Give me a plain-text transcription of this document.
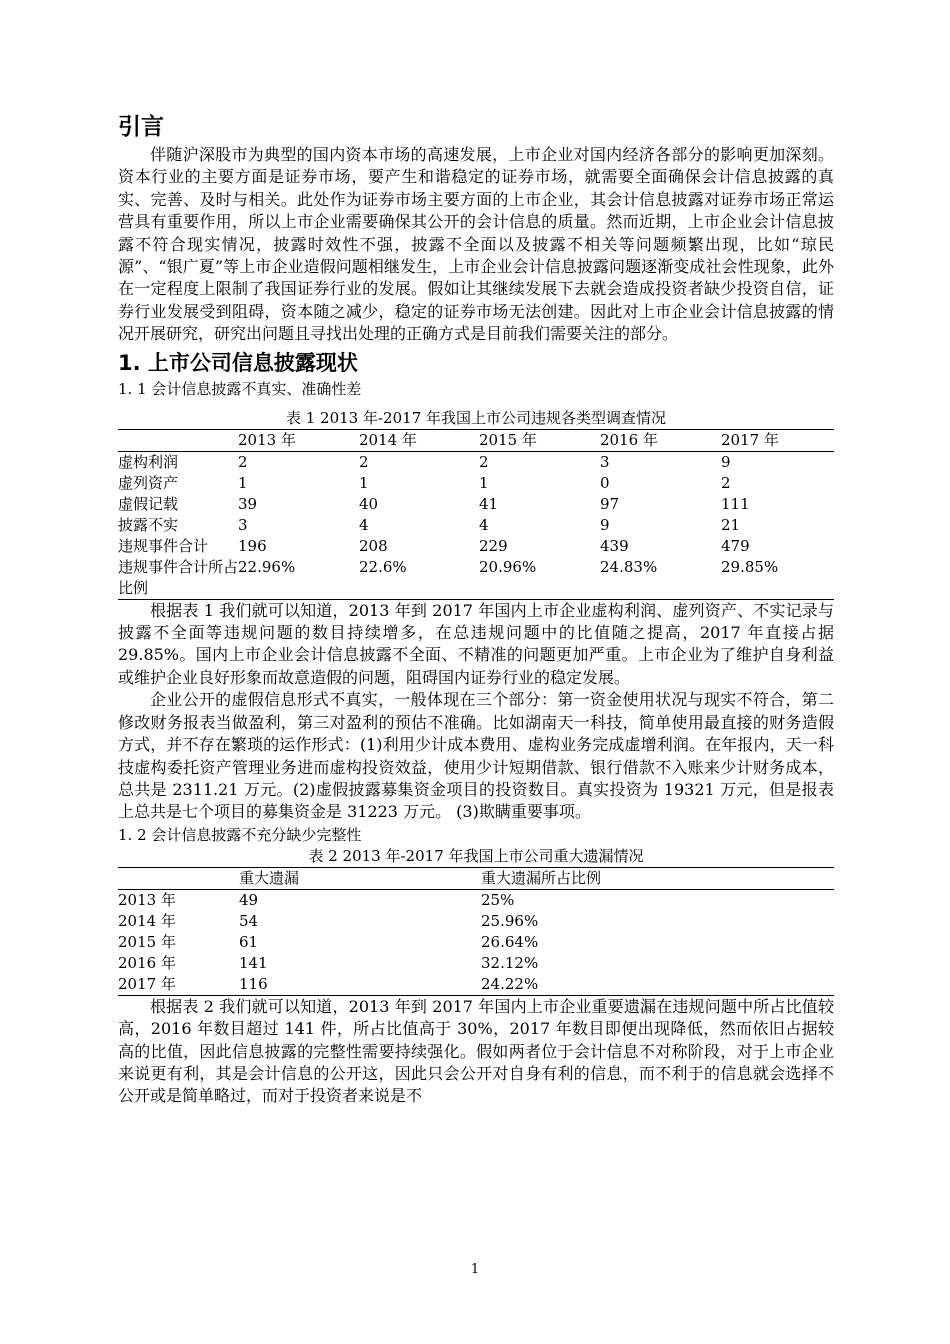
引言

伴随沪深股市为典型的国内资本市场的高速发展，上市企业对国内经济各部分的影响更加深刻。资本行业的主要方面是证券市场，要产生和谐稳定的证券市场，就需要全面确保会计信息披露的真实、完善、及时与相关。此处作为证券市场主要方面的上市企业，其会计信息披露对证券市场正常运营具有重要作用，所以上市企业需要确保其公开的会计信息的质量。然而近期，上市企业会计信息披露不符合现实情况，披露时效性不强，披露不全面以及披露不相关等问题频繁出现，比如“琼民源”、“银广夏”等上市企业造假问题相继发生，上市企业会计信息披露问题逐渐变成社会性现象，此外在一定程度上限制了我国证券行业的发展。假如让其继续发展下去就会造成投资者缺少投资自信，证券行业发展受到阻碍，资本随之减少，稳定的证券市场无法创建。因此对上市企业会计信息披露的情况开展研究，研究出问题且寻找出处理的正确方式是目前我们需要关注的部分。

1. 上市公司信息披露现状

1. 1 会计信息披露不真实、准确性差

表 1 2013 年-2017 年我国上市公司违规各类型调查情况
	2013 年	2014 年	2015 年	2016 年	2017 年
虚构利润	2	2	2	3	9
虚列资产	1	1	1	0	2
虚假记载	39	40	41	97	111
披露不实	3	4	4	9	21
违规事件合计	196	208	229	439	479
违规事件合计所占比例	22.96%	22.6%	20.96%	24.83%	29.85%

根据表 1 我们就可以知道，2013 年到 2017 年国内上市企业虚构利润、虚列资产、不实记录与披露不全面等违规问题的数目持续增多，在总违规问题中的比值随之提高，2017 年直接占据 29.85%。国内上市企业会计信息披露不全面、不精准的问题更加严重。上市企业为了维护自身利益或维护企业良好形象而故意造假的问题，阻碍国内证券行业的稳定发展。

企业公开的虚假信息形式不真实，一般体现在三个部分：第一资金使用状况与现实不符合，第二修改财务报表当做盈利，第三对盈利的预估不准确。比如湖南天一科技，简单使用最直接的财务造假方式，并不存在繁琐的运作形式：(1)利用少计成本费用、虚构业务完成虚增利润。在年报内，天一科技虚构委托资产管理业务进而虚构投资效益，使用少计短期借款、银行借款不入账来少计财务成本，总共是 2311.21 万元。(2)虚假披露募集资金项目的投资数目。真实投资为 19321 万元，但是报表上总共是七个项目的募集资金是 31223 万元。 (3)欺瞒重要事项。

1. 2 会计信息披露不充分缺少完整性

表 2 2013 年-2017 年我国上市公司重大遗漏情况
	重大遗漏	重大遗漏所占比例
2013 年	49	25%
2014 年	54	25.96%
2015 年	61	26.64%
2016 年	141	32.12%
2017 年	116	24.22%

根据表 2 我们就可以知道，2013 年到 2017 年国内上市企业重要遗漏在违规问题中所占比值较高，2016 年数目超过 141 件，所占比值高于 30%，2017 年数目即便出现降低，然而依旧占据较高的比值，因此信息披露的完整性需要持续强化。假如两者位于会计信息不对称阶段，对于上市企业来说更有利，其是会计信息的公开这，因此只会公开对自身有利的信息，而不利于的信息就会选择不公开或是简单略过，而对于投资者来说是不

1
